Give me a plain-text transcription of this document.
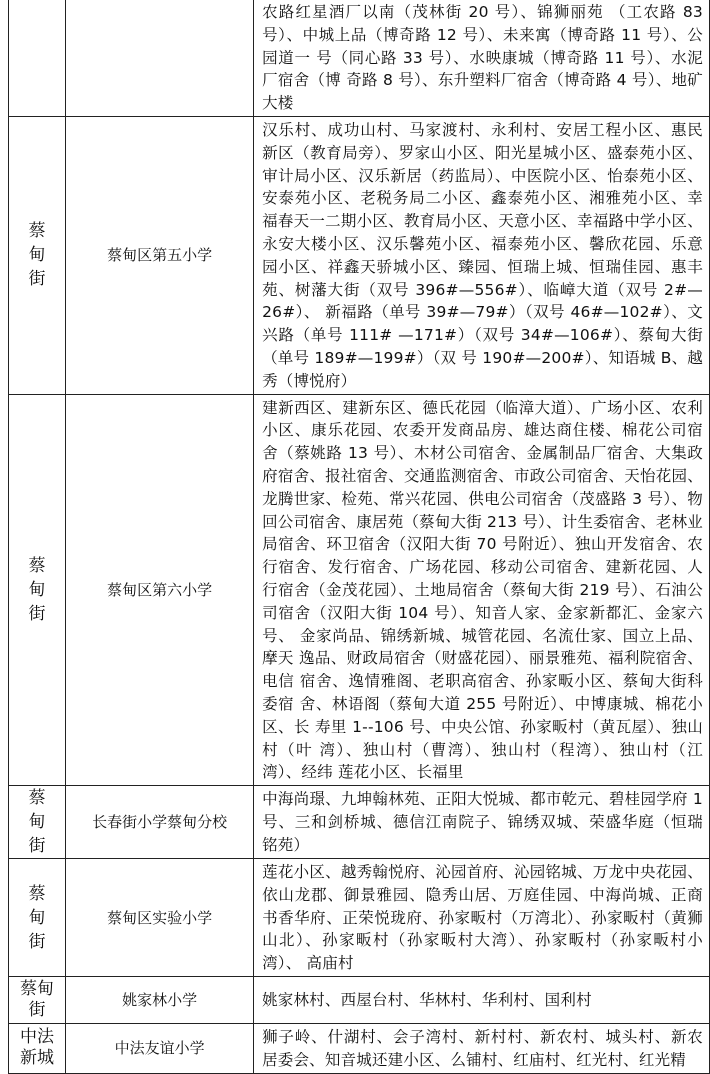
		农路红星酒厂以南（茂林街 20 号）、锦狮丽苑 （工农路 83 号）、中城上品（博奇路 12 号）、未来寓（博奇路 11 号）、公园道一 号（同心路 33 号）、水映康城（博奇路 11 号）、水泥厂宿舍（博 奇路 8 号）、东升塑料厂宿舍（博奇路 4 号）、地矿大楼
蔡甸街	蔡甸区第五小学	汉乐村、成功山村、马家渡村、永利村、安居工程小区、惠民 新区（教育局旁）、罗家山小区、阳光星城小区、盛泰苑小区、 审计局小区、汉乐新居（药监局）、中医院小区、怡泰苑小区、 安泰苑小区、老税务局二小区、鑫泰苑小区、湘雅苑小区、幸 福春天一二期小区、教育局小区、天意小区、幸福路中学小区、 永安大楼小区、汉乐馨苑小区、福泰苑小区、馨欣花园、乐意 园小区、祥鑫天骄城小区、臻园、恒瑞上城、恒瑞佳园、惠丰 苑、树藩大街（双号 396#—556#）、临嶂大道（双号 2#—26#）、 新福路（单号 39#—79#）（双号 46#—102#）、文兴路（单号 111# —171#）（双号 34#—106#）、蔡甸大街（单号 189#—199#）（双 号 190#—200#）、知语城 B、越秀（博悦府）
蔡甸街	蔡甸区第六小学	建新西区、建新东区、德氏花园（临漳大道）、广场小区、农利 小区、康乐花园、农委开发商品房、雄达商住楼、棉花公司宿 舍（蔡姚路 13 号）、木材公司宿舍、金属制品厂宿舍、大集政 府宿舍、报社宿舍、交通监测宿舍、市政公司宿舍、天怡花园、 龙腾世家、检苑、常兴花园、供电公司宿舍（茂盛路 3 号）、物 回公司宿舍、康居苑（蔡甸大街 213 号）、计生委宿舍、老林业 局宿舍、环卫宿舍（汉阳大街 70 号附近）、独山开发宿舍、农 行宿舍、发行宿舍、广场花园、移动公司宿舍、建新花园、人 行宿舍（金茂花园）、土地局宿舍（蔡甸大街 219 号）、石油公 司宿舍（汉阳大街 104 号）、知音人家、金家新都汇、金家六号、 金家尚品、锦绣新城、城管花园、名流仕家、国立上品、摩天 逸品、财政局宿舍（财盛花园）、丽景雅苑、福利院宿舍、电信 宿舍、逸情雅阁、老职高宿舍、孙家畈小区、蔡甸大街科委宿 舍、林语阁（蔡甸大道 255 号附近）、中博康城、棉花小区、长 寿里 1--106 号、中央公馆、孙家畈村（黄瓦屋）、独山村（叶 湾）、独山村（曹湾）、独山村（程湾）、独山村（江湾）、经纬 莲花小区、长福里
蔡甸街	长春街小学蔡甸分校	中海尚璟、九坤翰林苑、正阳大悦城、都市乾元、碧桂园学府 1 号、三和剑桥城、德信江南院子、锦绣双城、荣盛华庭（恒瑞 铭苑）
蔡甸街	蔡甸区实验小学	莲花小区、越秀翰悦府、沁园首府、沁园铭城、万龙中央花园、 依山龙郡、御景雅园、隐秀山居、万庭佳园、中海尚城、正商 书香华府、正荣悦珑府、孙家畈村（万湾北）、孙家畈村（黄狮 山北）、孙家畈村（孙家畈村大湾）、孙家畈村（孙家畈村小湾）、 高庙村
蔡甸街	姚家林小学	姚家林村、西屋台村、华林村、华利村、国利村
中法新城	中法友谊小学	狮子岭、什湖村、会子湾村、新村村、新农村、城头村、新农 居委会、知音城还建小区、么铺村、红庙村、红光村、红光精
